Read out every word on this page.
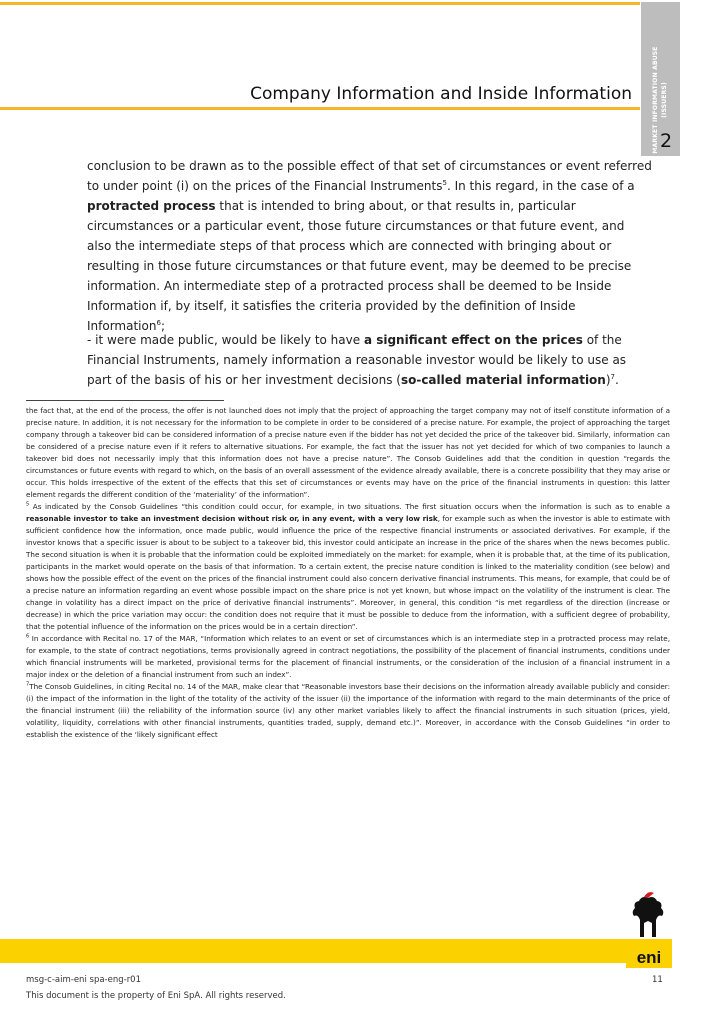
MARKET INFORMATION ABUSE (ISSUERS)
2
Company Information and Inside Information

conclusion to be drawn as to the possible effect of that set of circumstances or event referred to under point (i) on the prices of the Financial Instruments$^5$. In this regard, in the case of a protracted process that is intended to bring about, or that results in, particular circumstances or a particular event, those future circumstances or that future event, and also the intermediate steps of that process which are connected with bringing about or resulting in those future circumstances or that future event, may be deemed to be precise information. An intermediate step of a protracted process shall be deemed to be Inside Information if, by itself, it satisfies the criteria provided by the definition of Inside Information$^6$;

- it were made public, would be likely to have a significant effect on the prices of the Financial Instruments, namely information a reasonable investor would be likely to use as part of the basis of his or her investment decisions (so-called material information)$^7$.

the fact that, at the end of the process, the offer is not launched does not imply that the project of approaching the target company may not of itself constitute information of a precise nature. In addition, it is not necessary for the information to be complete in order to be considered of a precise nature. For example, the project of approaching the target company through a takeover bid can be considered information of a precise nature even if the bidder has not yet decided the price of the takeover bid. Similarly, information can be considered of a precise nature even if it refers to alternative situations. For example, the fact that the issuer has not yet decided for which of two companies to launch a takeover bid does not necessarily imply that this information does not have a precise nature”. The Consob Guidelines add that the condition in question “regards the circumstances or future events with regard to which, on the basis of an overall assessment of the evidence already available, there is a concrete possibility that they may arise or occur. This holds irrespective of the extent of the effects that this set of circumstances or events may have on the price of the financial instruments in question: this latter element regards the different condition of the ‘materiality’ of the information”.

$^5$ As indicated by the Consob Guidelines “this condition could occur, for example, in two situations. The first situation occurs when the information is such as to enable a reasonable investor to take an investment decision without risk or, in any event, with a very low risk, for example such as when the investor is able to estimate with sufficient confidence how the information, once made public, would influence the price of the respective financial instruments or associated derivatives. For example, if the investor knows that a specific issuer is about to be subject to a takeover bid, this investor could anticipate an increase in the price of the shares when the news becomes public. The second situation is when it is probable that the information could be exploited immediately on the market: for example, when it is probable that, at the time of its publication, participants in the market would operate on the basis of that information. To a certain extent, the precise nature condition is linked to the materiality condition (see below) and shows how the possible effect of the event on the prices of the financial instrument could also concern derivative financial instruments. This means, for example, that could be of a precise nature an information regarding an event whose possible impact on the share price is not yet known, but whose impact on the volatility of the instrument is clear. The change in volatility has a direct impact on the price of derivative financial instruments”. Moreover, in general, this condition “is met regardless of the direction (increase or decrease) in which the price variation may occur: the condition does not require that it must be possible to deduce from the information, with a sufficient degree of probability, that the potential influence of the information on the prices would be in a certain direction”.

$^6$ In accordance with Recital no. 17 of the MAR, “Information which relates to an event or set of circumstances which is an intermediate step in a protracted process may relate, for example, to the state of contract negotiations, terms provisionally agreed in contract negotiations, the possibility of the placement of financial instruments, conditions under which financial instruments will be marketed, provisional terms for the placement of financial instruments, or the consideration of the inclusion of a financial instrument in a major index or the deletion of a financial instrument from such an index”.

$^7$The Consob Guidelines, in citing Recital no. 14 of the MAR, make clear that “Reasonable investors base their decisions on the information already available publicly and consider: (i) the impact of the information in the light of the totality of the activity of the issuer (ii) the importance of the information with regard to the main determinants of the price of the financial instrument (iii) the reliability of the information source (iv) any other market variables likely to affect the financial instruments in such situation (prices, yield, volatility, liquidity, correlations with other financial instruments, quantities traded, supply, demand etc.)”. Moreover, in accordance with the Consob Guidelines “in order to establish the existence of the ‘likely significant effect

eni
msg-c-aim-eni spa-eng-r01	11
This document is the property of Eni SpA. All rights reserved.
